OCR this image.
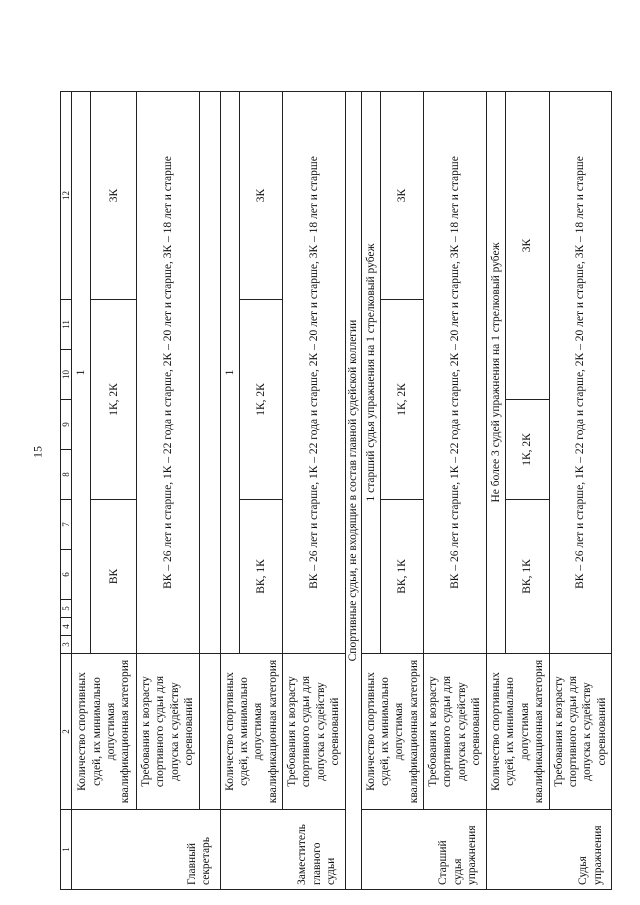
15
1	2	3	4	5	6	7	8	9	10	11	12
Главный секретарь	Количество спортивных судей, их минимально допустимая квалификационная категория	1									
		ВК					1К, 2К				3К
	Требования к возрасту спортивного судьи для допуска к судейству соревнований	ВК – 26 лет и старше, 1К – 22 года и старше, 2К – 20 лет и старше, 3К – 18 лет и старше									

Заместитель главного судьи	Количество спортивных судей, их минимально допустимая квалификационная категория	1									
		ВК, 1К					1К, 2К				3К
	Требования к возрасту спортивного судьи для допуска к судейству соревнований	ВК – 26 лет и старше, 1К – 22 года и старше, 2К – 20 лет и старше, 3К – 18 лет и старше									
Спортивные судьи, не входящие в состав главной судейской коллегии											
Старший судья упражнения	Количество спортивных судей, их минимально допустимая квалификационная категория	1 старший судья упражнения на 1 стрелковый рубеж									
		ВК, 1К					1К, 2К				3К
	Требования к возрасту спортивного судьи для допуска к судейству соревнований	ВК – 26 лет и старше, 1К – 22 года и старше, 2К – 20 лет и старше, 3К – 18 лет и старше									
Судья упражнения	Количество спортивных судей, их минимально допустимая квалификационная категория	Не более 3 судей упражнения на 1 стрелковый рубеж									
		ВК, 1К					1К, 2К		3К		
	Требования к возрасту спортивного судьи для допуска к судейству соревнований	ВК – 26 лет и старше, 1К – 22 года и старше, 2К – 20 лет и старше, 3К – 18 лет и старше									
